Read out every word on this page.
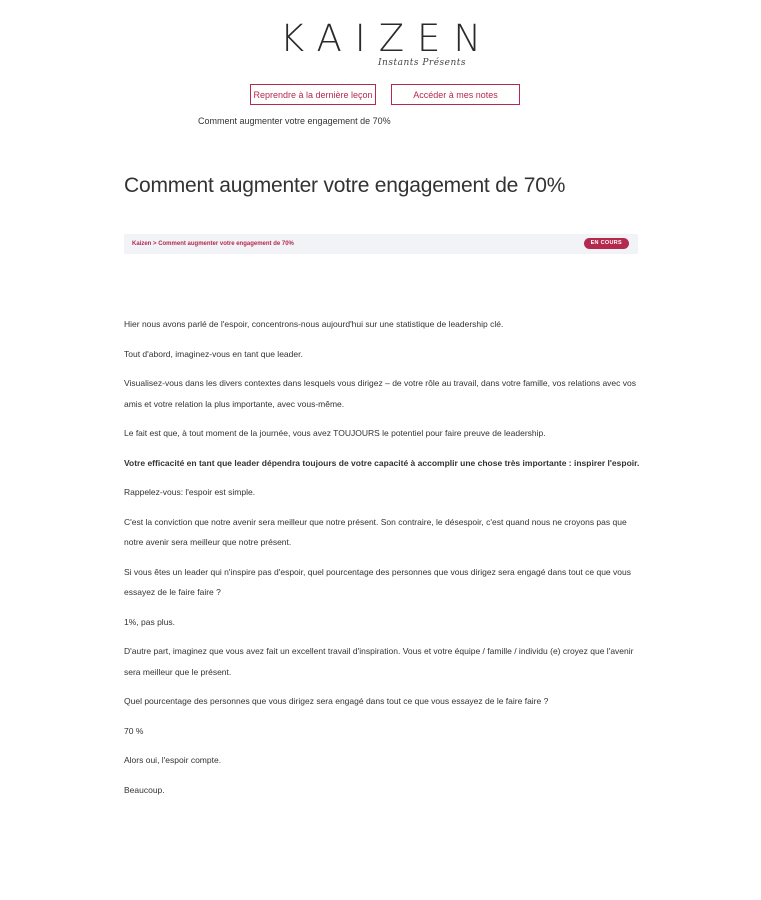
KAIZEN
Instants Présents
Reprendre à la dernière leçon	Accéder à mes notes
Comment augmenter votre engagement de 70%
Comment augmenter votre engagement de 70%
Kaizen > Comment augmenter votre engagement de 70%	EN COURS

Hier nous avons parlé de l'espoir, concentrons-nous aujourd'hui sur une statistique de leadership clé.

Tout d'abord, imaginez-vous en tant que leader.

Visualisez-vous dans les divers contextes dans lesquels vous dirigez – de votre rôle au travail, dans votre famille, vos relations avec vos amis et votre relation la plus importante, avec vous-même.

Le fait est que, à tout moment de la journée, vous avez TOUJOURS le potentiel pour faire preuve de leadership.

Votre efficacité en tant que leader dépendra toujours de votre capacité à accomplir une chose très importante : inspirer l'espoir.

Rappelez-vous: l'espoir est simple.

C'est la conviction que notre avenir sera meilleur que notre présent. Son contraire, le désespoir, c'est quand nous ne croyons pas que notre avenir sera meilleur que notre présent.

Si vous êtes un leader qui n'inspire pas d'espoir, quel pourcentage des personnes que vous dirigez sera engagé dans tout ce que vous essayez de le faire faire ?

1%, pas plus.

D'autre part, imaginez que vous avez fait un excellent travail d'inspiration. Vous et votre équipe / famille / individu (e) croyez que l'avenir sera meilleur que le présent.

Quel pourcentage des personnes que vous dirigez sera engagé dans tout ce que vous essayez de le faire faire ?

70 %

Alors oui, l'espoir compte.

Beaucoup.
